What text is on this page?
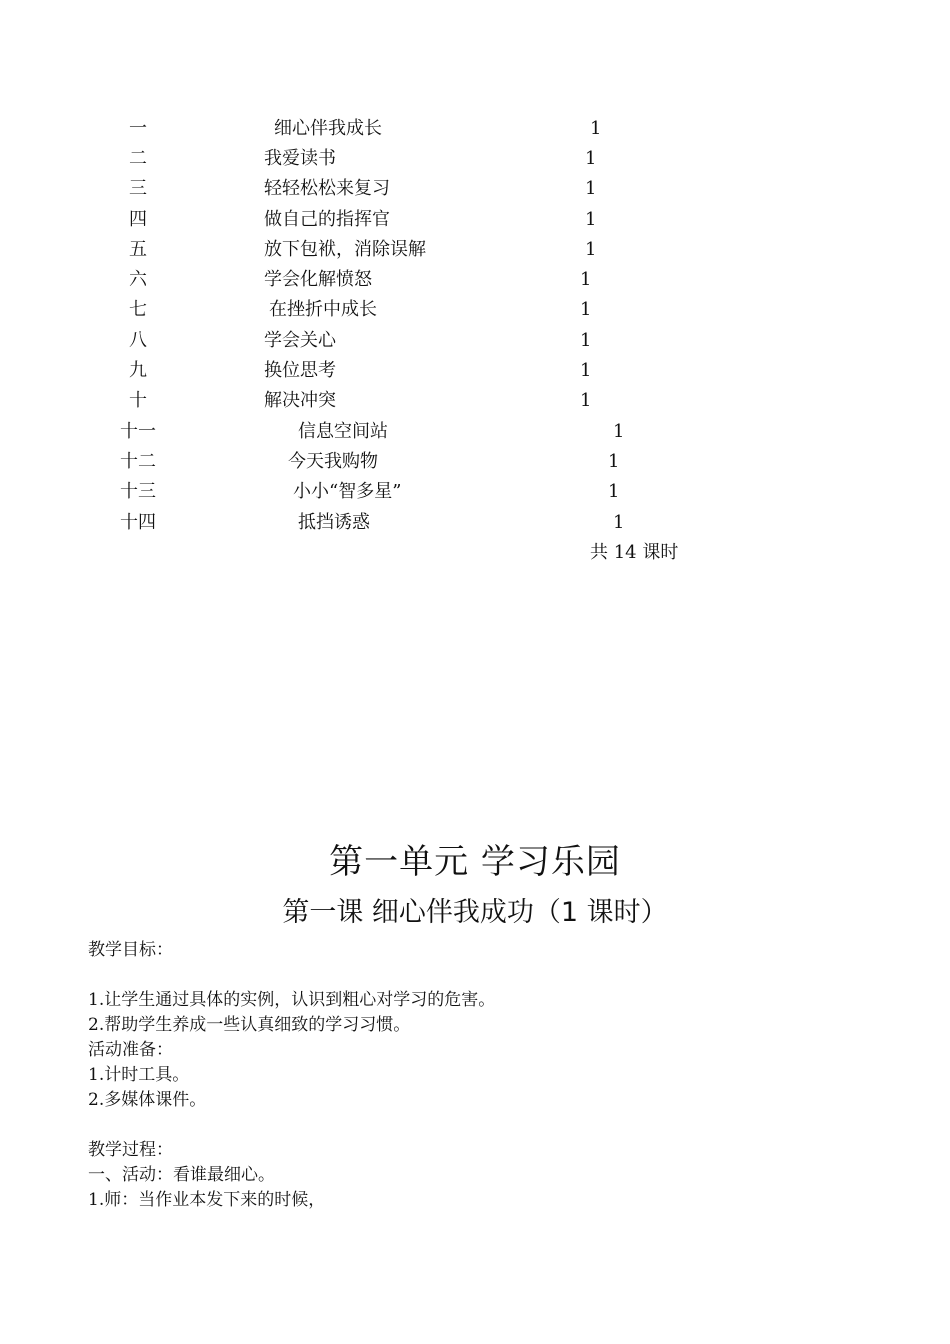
一	细心伴我成长	1
二	我爱读书	1
三	轻轻松松来复习	1
四	做自己的指挥官	1
五	放下包袱，消除误解	1
六	学会化解愤怒	1
七	在挫折中成长	1
八	学会关心	1
九	换位思考	1
十	解决冲突	1
十一	信息空间站	1
十二	今天我购物	1
十三	小小“智多星”	1
十四	抵挡诱惑	1
共 14 课时
第一单元 学习乐园
第一课 细心伴我成功（1 课时）

教学目标：

1.让学生通过具体的实例，认识到粗心对学习的危害。

2.帮助学生养成一些认真细致的学习习惯。

活动准备：

1.计时工具。

2.多媒体课件。

教学过程：

一、活动：看谁最细心。

1.师：当作业本发下来的时候，
